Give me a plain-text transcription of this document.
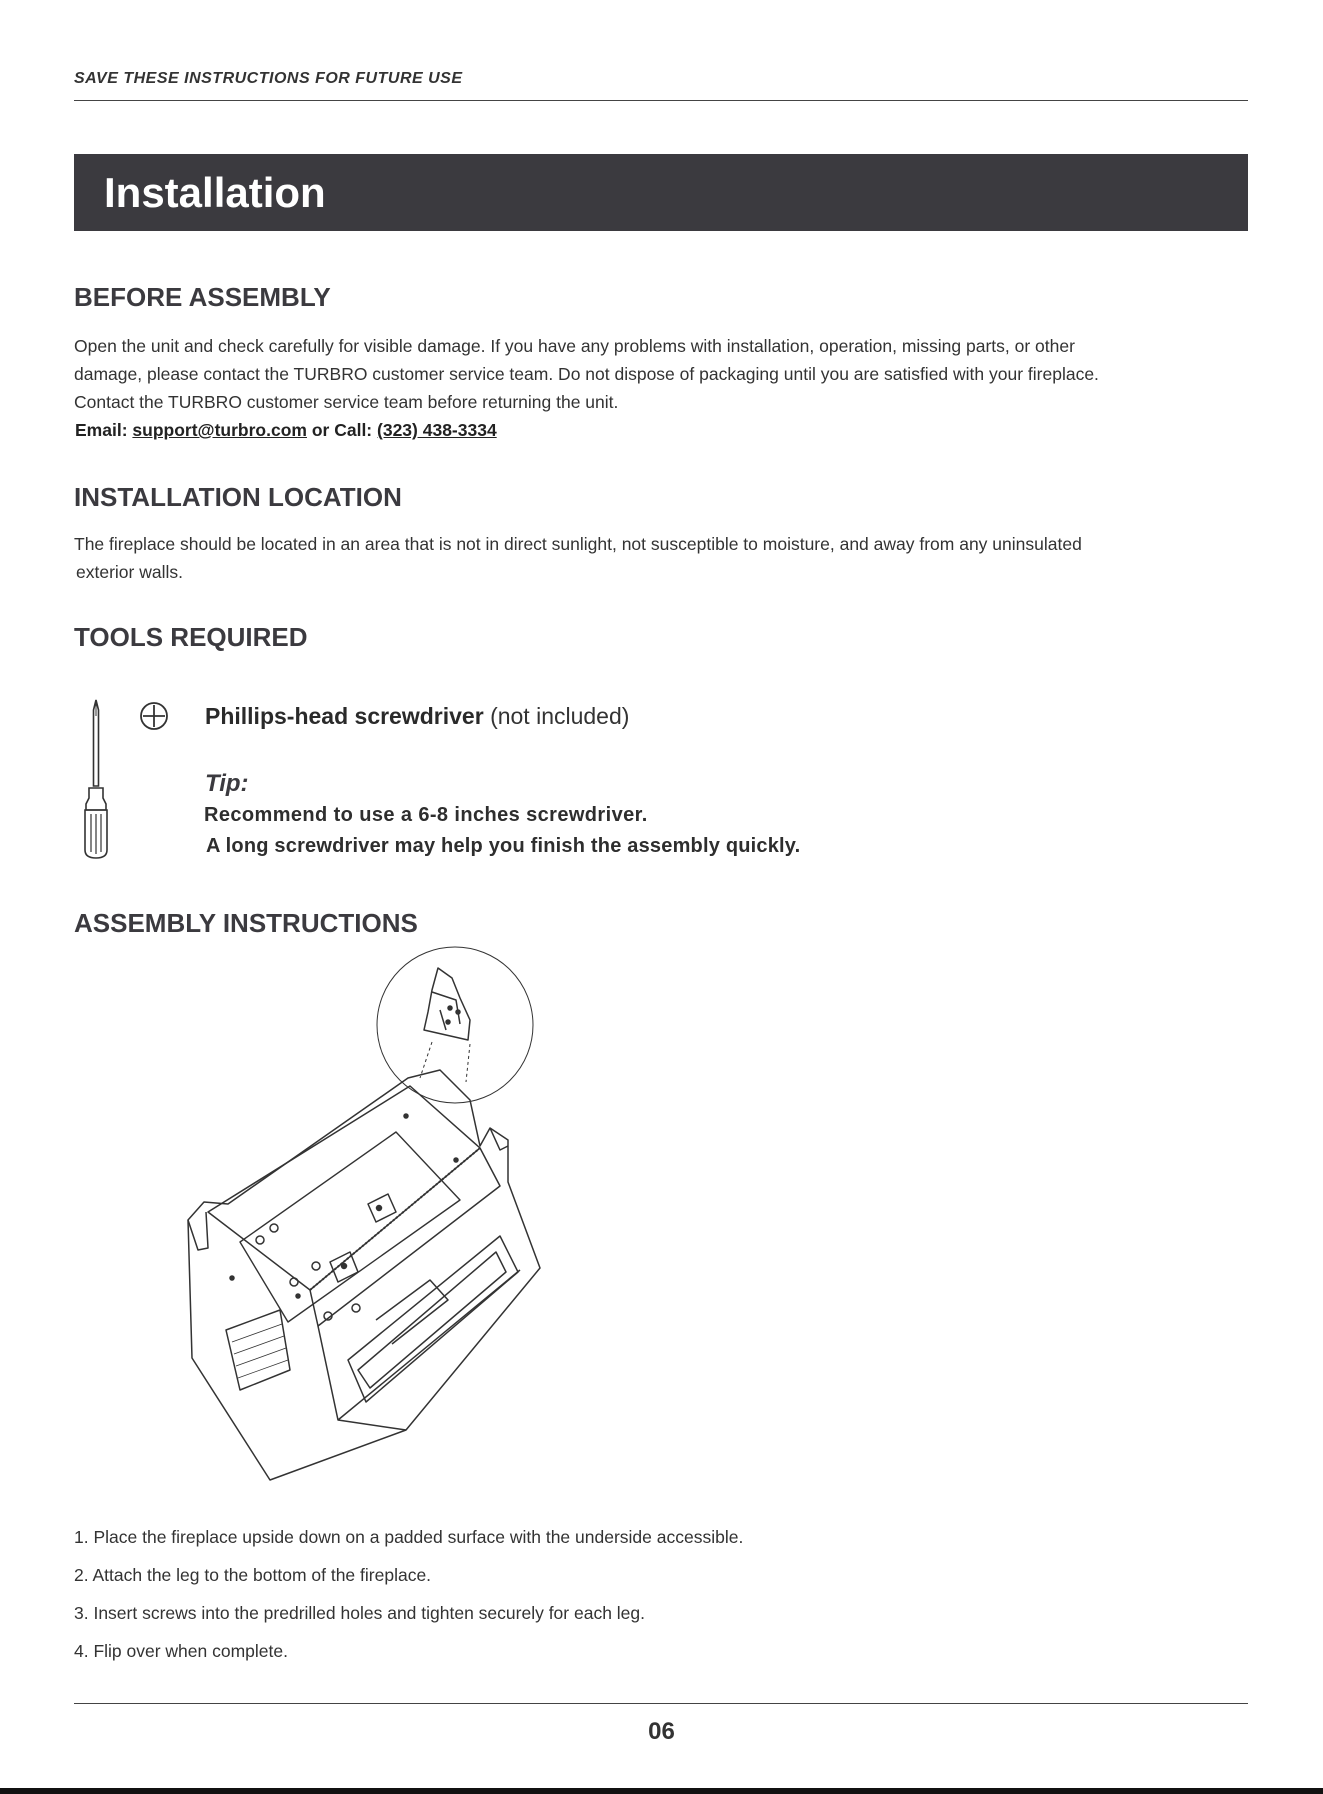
SAVE THESE INSTRUCTIONS FOR FUTURE USE
Installation
BEFORE ASSEMBLY
Open the unit and check carefully for visible damage. If you have any problems with installation, operation, missing parts, or other
damage, please contact the TURBRO customer service team. Do not dispose of packaging until you are satisfied with your fireplace.
Contact the TURBRO customer service team before returning the unit.
Email: support@turbro.com or Call: (323) 438-3334
INSTALLATION LOCATION
The fireplace should be located in an area that is not in direct sunlight, not susceptible to moisture, and away from any uninsulated
exterior walls.
TOOLS REQUIRED
Phillips-head screwdriver (not included)
Tip:
Recommend to use a 6-8 inches screwdriver.
A long screwdriver may help you finish the assembly quickly.
ASSEMBLY INSTRUCTIONS
1. Place the fireplace upside down on a padded surface with the underside accessible.
2. Attach the leg to the bottom of the fireplace.
3. Insert screws into the predrilled holes and tighten securely for each leg.
4. Flip over when complete.
06
